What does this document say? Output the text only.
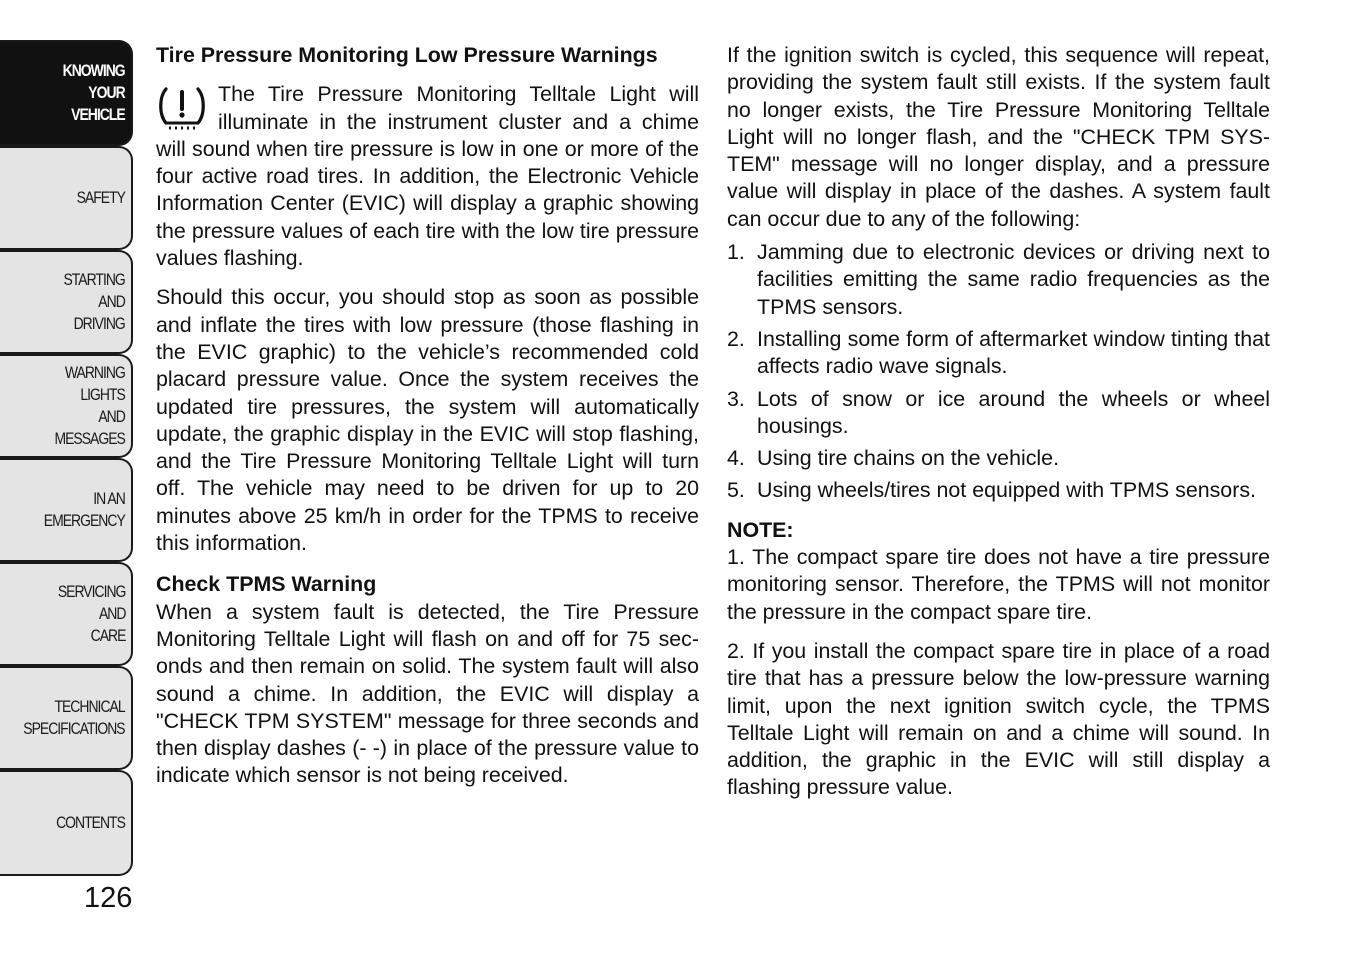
KNOWING
YOUR
VEHICLE
SAFETY
STARTING
AND
DRIVING
WARNING
LIGHTS
AND
MESSAGES
IN AN
EMERGENCY
SERVICING
AND
CARE
TECHNICAL
SPECIFICATIONS
CONTENTS
126
Tire Pressure Monitoring Low Pressure Warnings

The Tire Pressure Monitoring Telltale Light will illuminate in the instrument cluster and a chime will sound when tire pressure is low in one or more of the four active road tires. In addition, the Electronic Vehicle Information Center (EVIC) will display a graphic showing the pressure values of each tire with the low tire pressure values flashing.

Should this occur, you should stop as soon as possible and inflate the tires with low pressure (those flashing in the EVIC graphic) to the vehicle’s recommended cold placard pressure value. Once the system receives the updated tire pressures, the system will automatically update, the graphic display in the EVIC will stop flashing, and the Tire Pressure Monitoring Telltale Light will turn off. The vehicle may need to be driven for up to 20 minutes above 25 km/h in order for the TPMS to receive this information.

Check TPMS Warning

When a system fault is detected, the Tire Pressure Monitoring Telltale Light will flash on and off for 75 seconds and then remain on solid. The system fault will also sound a chime. In addition, the EVIC will display a "CHECK TPM SYSTEM" message for three seconds and then display dashes (- -) in place of the pressure value to indicate which sensor is not being received.

If the ignition switch is cycled, this sequence will repeat, providing the system fault still exists. If the system fault no longer exists, the Tire Pressure Monitoring Telltale Light will no longer flash, and the "CHECK TPM SYSTEM" message will no longer display, and a pressure value will display in place of the dashes. A system fault can occur due to any of the following:

1. Jamming due to electronic devices or driving next to facilities emitting the same radio frequencies as the TPMS sensors.
2. Installing some form of aftermarket window tinting that affects radio wave signals.
3. Lots of snow or ice around the wheels or wheel housings.
4. Using tire chains on the vehicle.
5. Using wheels/tires not equipped with TPMS sensors.
NOTE:

1. The compact spare tire does not have a tire pressure monitoring sensor. Therefore, the TPMS will not monitor the pressure in the compact spare tire.

2. If you install the compact spare tire in place of a road tire that has a pressure below the low-pressure warning limit, upon the next ignition switch cycle, the TPMS Telltale Light will remain on and a chime will sound. In addition, the graphic in the EVIC will still display a flashing pressure value.
